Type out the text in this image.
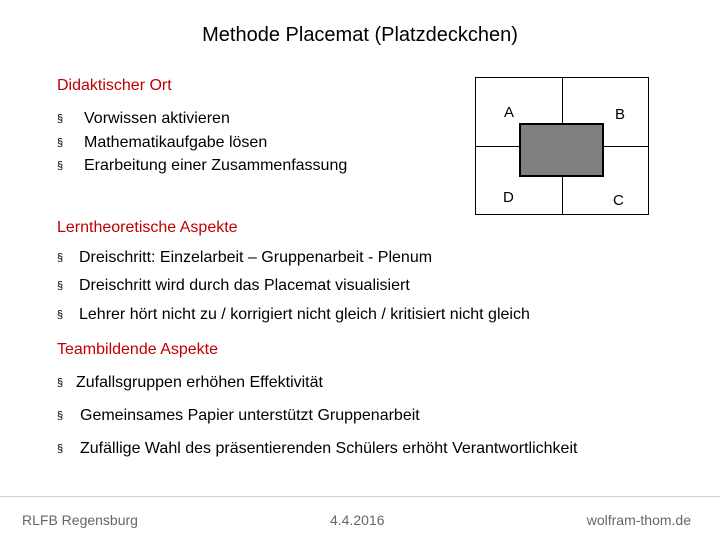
Methode Placemat (Platzdeckchen)
Didaktischer Ort
§ Vorwissen aktivieren
§ Mathematikaufgabe lösen
§ Erarbeitung einer Zusammenfassung
A	B
C
D
Lerntheoretische Aspekte
§ Dreischritt: Einzelarbeit – Gruppenarbeit - Plenum
§ Dreischritt wird durch das Placemat visualisiert
§ Lehrer hört nicht zu / korrigiert nicht gleich / kritisiert nicht gleich
Teambildende Aspekte
§ Zufallsgruppen erhöhen Effektivität
§ Gemeinsames Papier unterstützt Gruppenarbeit
§ Zufällige Wahl des präsentierenden Schülers erhöht Verantwortlichkeit
RLFB Regensburg	4.4.2016	wolfram-thom.de
